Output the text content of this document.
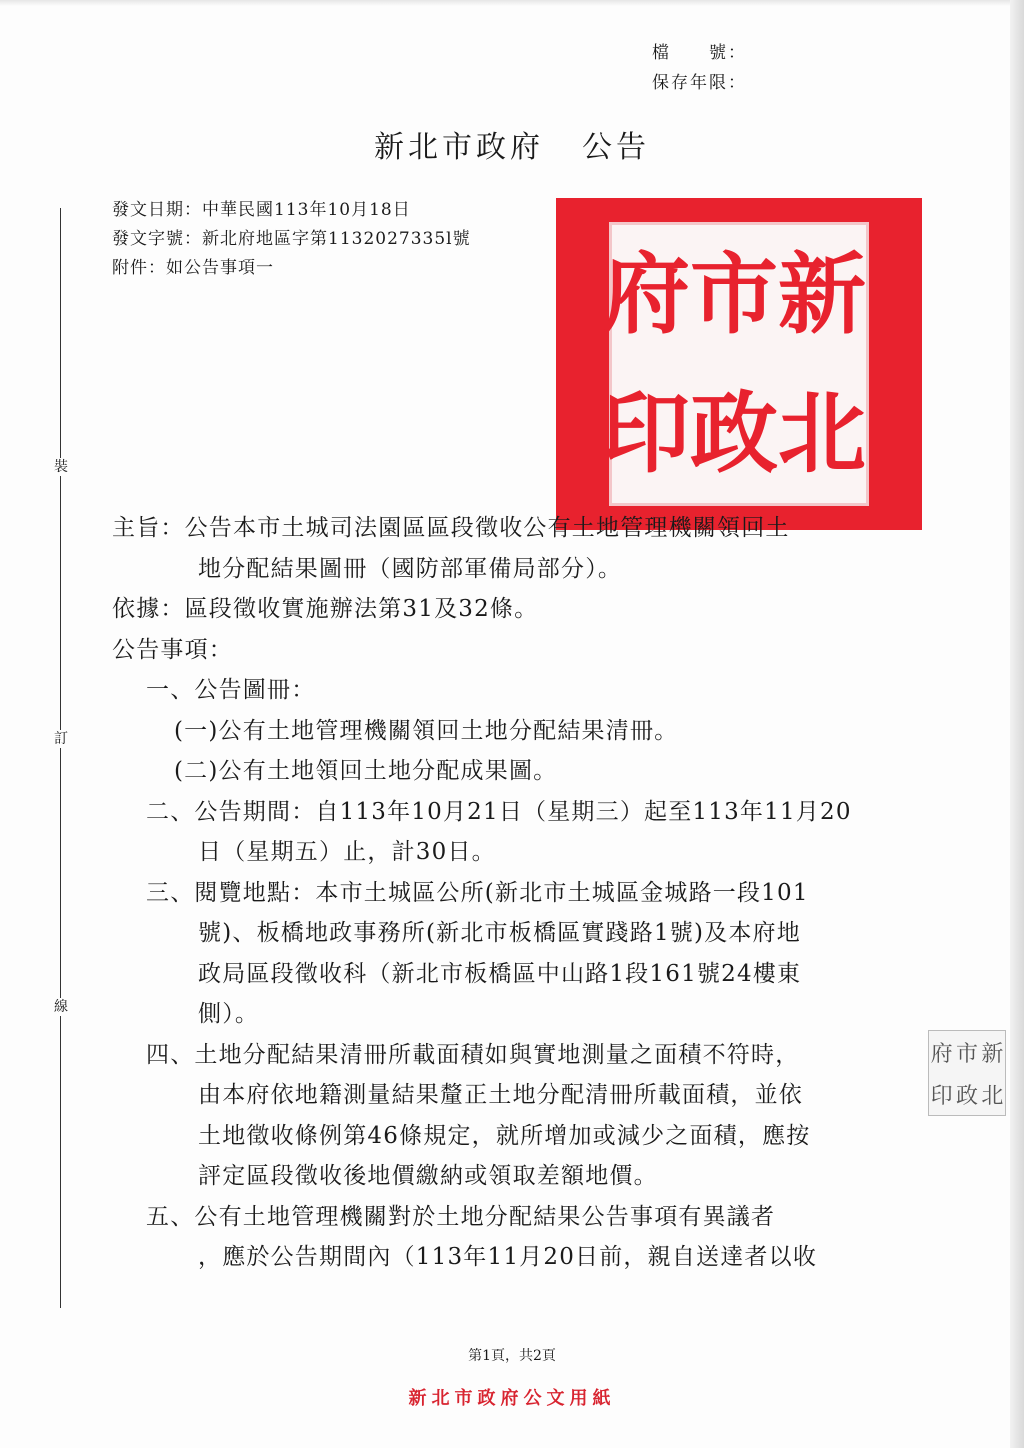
檔　　號：
保存年限：
新北市政府 公告
發文日期：中華民國113年10月18日
發文字號：新北府地區字第1132027335l號
附件：如公告事項一
裝
訂
線
新
北
市
政
府
印
主旨：公告本市土城司法園區區段徵收公有土地管理機關領回土
地分配結果圖冊（國防部軍備局部分）。
依據：區段徵收實施辦法第31及32條。
公告事項：
一、公告圖冊：
(一)公有土地管理機關領回土地分配結果清冊。
(二)公有土地領回土地分配成果圖。
二、公告期間：自113年10月21日（星期三）起至113年11月20
日（星期五）止，計30日。
三、閱覽地點：本市土城區公所(新北市土城區金城路一段101
號)、板橋地政事務所(新北市板橋區實踐路1號)及本府地
政局區段徵收科（新北市板橋區中山路1段161號24樓東
側）。
四、土地分配結果清冊所載面積如與實地測量之面積不符時，
由本府依地籍測量結果釐正土地分配清冊所載面積，並依
土地徵收條例第46條規定，就所增加或減少之面積，應按
評定區段徵收後地價繳納或領取差額地價。
五、公有土地管理機關對於土地分配結果公告事項有異議者
，應於公告期間內（113年11月20日前，親自送達者以收
新
北
市
政
府
印
第1頁，共2頁
新北市政府公文用紙
